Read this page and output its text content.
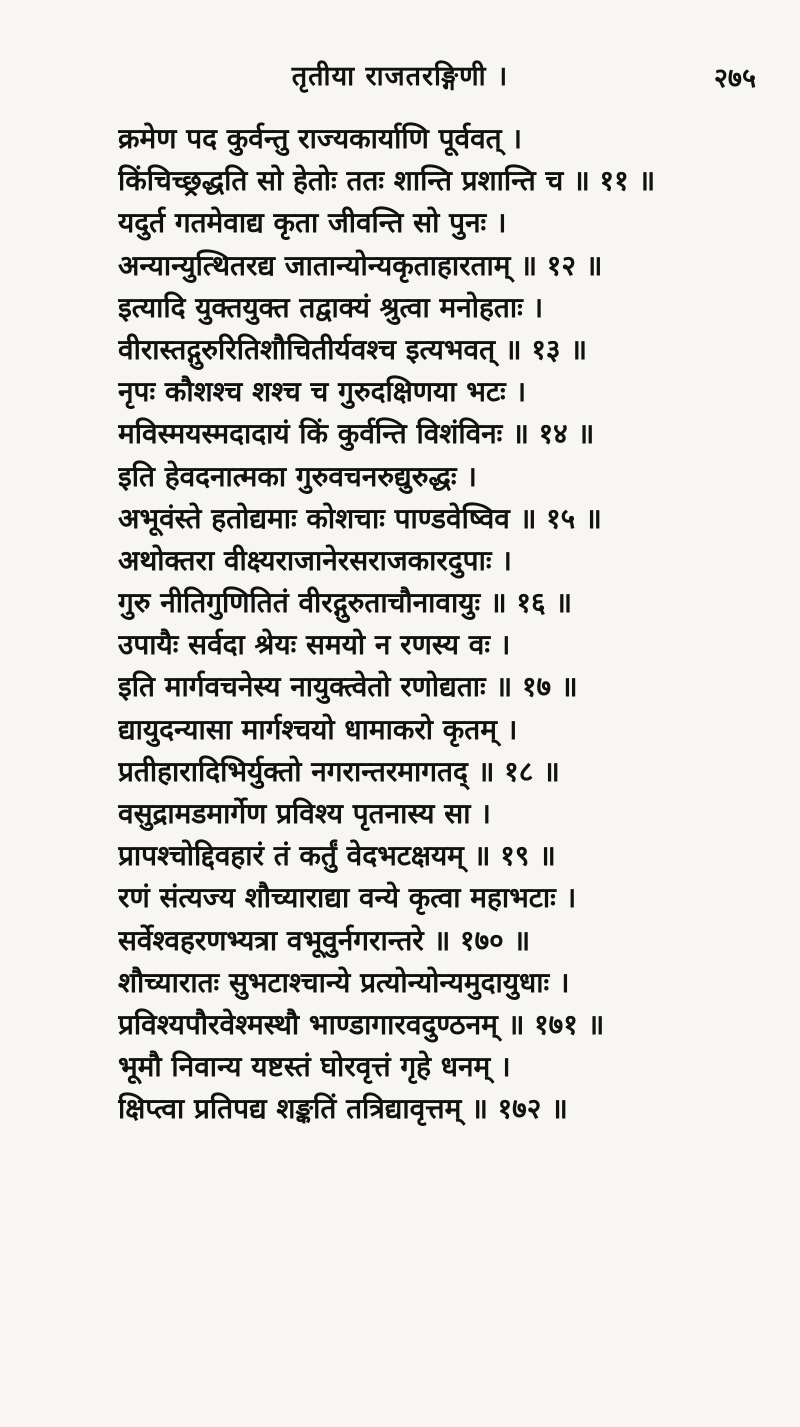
तृतीया राजतरङ्गिणी ।	२७५
क्रमेण पद कुर्वन्तु राज्यकार्याणि पूर्ववत् ।
किंचिच्छ्रद्धति सो हेतोः ततः शान्ति प्रशान्ति च ॥ ११ ॥
यदुर्त गतमेवाद्य कृता जीवन्ति सो पुनः ।
अन्यान्युत्थितरद्य जातान्योन्यकृताहारताम् ॥ १२ ॥
इत्यादि युक्तयुक्त तद्वाक्यं श्रुत्वा मनोहताः ।
वीरास्तद्गुरुरितिशौचितीर्यवश्च इत्यभवत् ॥ १३ ॥
नृपः कौशश्च शश्च च गुरुदक्षिणया भटः ।
मविस्मयस्मदादायं किं कुर्वन्ति विशंविनः ॥ १४ ॥
इति हेवदनात्मका गुरुवचनरुद्युरुद्धः ।
अभूवंस्ते हतोद्यमाः कोशचाः पाण्डवेष्विव ॥ १५ ॥
अथोक्तरा वीक्ष्यराजानेरसराजकारदुपाः ।
गुरु नीतिगुणितितं वीरद्गुरुताचौनावायुः ॥ १६ ॥
उपायैः सर्वदा श्रेयः समयो न रणस्य वः ।
इति मार्गवचनेस्य नायुक्त्वेतो रणोद्यताः ॥ १७ ॥
द्यायुदन्यासा मार्गश्चयो धामाकरो कृतम् ।
प्रतीहारादिभिर्युक्तो नगरान्तरमागतद् ॥ १८ ॥
वसुद्रामडमार्गेण प्रविश्य पृतनास्य सा ।
प्रापश्चोद्दिवहारं तं कर्तुं वेदभटक्षयम् ॥ १९ ॥
रणं संत्यज्य शौच्याराद्या वन्ये कृत्वा महाभटाः ।
सर्वेश्वहरणभ्यत्रा वभूवुर्नगरान्तरे ॥ १७० ॥
शौच्यारातः सुभटाश्चान्ये प्रत्योन्योन्यमुदायुधाः ।
प्रविश्यपौरवेश्मस्थौ भाण्डागारवदुण्ठनम् ॥ १७१ ॥
भूमौ निवान्य यष्टस्तं घोरवृत्तं गृहे धनम् ।
क्षिप्त्वा प्रतिपद्य शङ्कतिं तत्रिद्यावृत्तम् ॥ १७२ ॥
